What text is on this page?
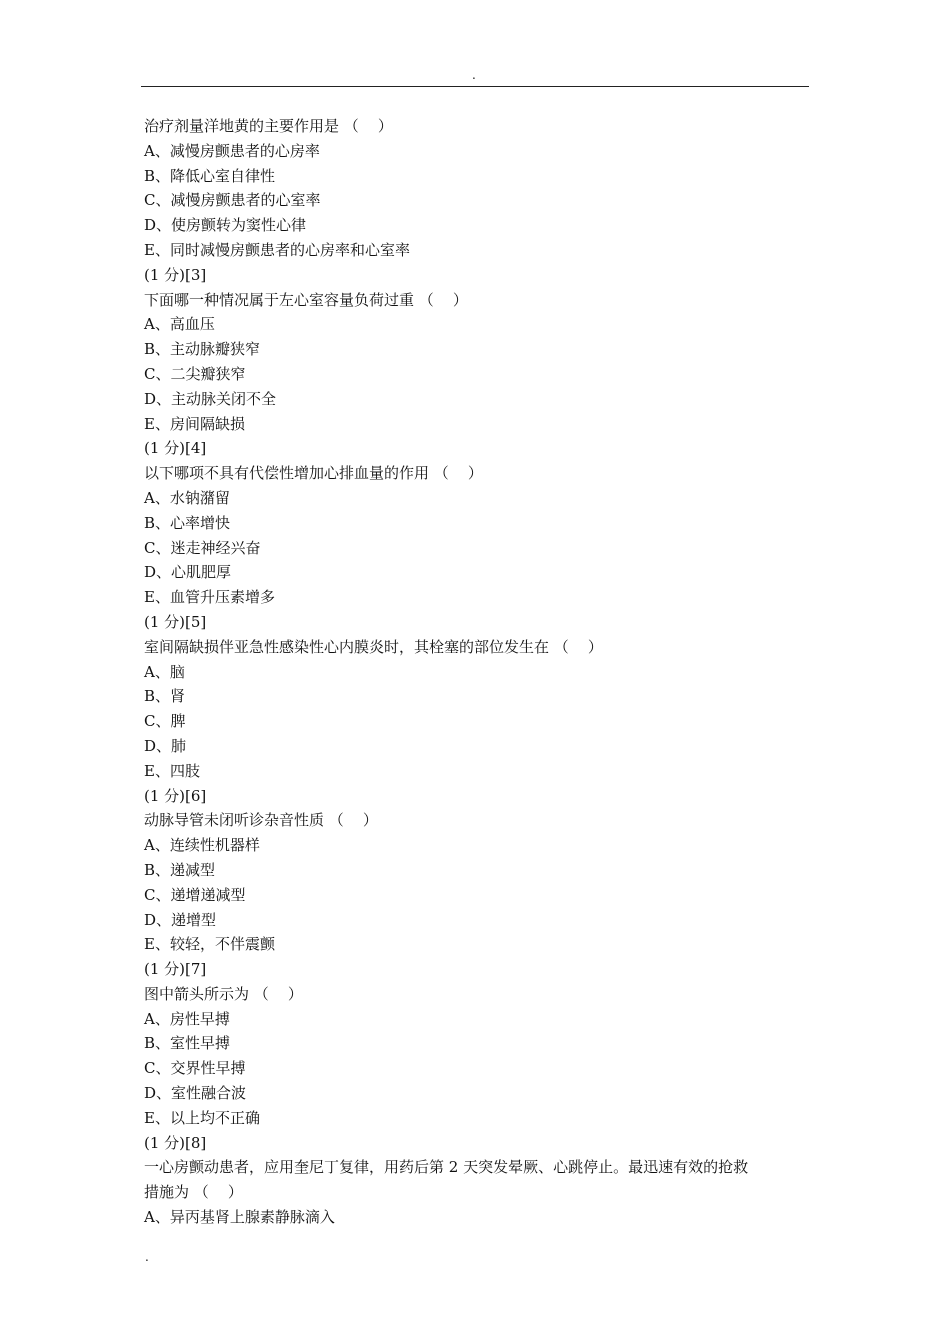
.
治疗剂量洋地黄的主要作用是 （    ）
A、减慢房颤患者的心房率
B、降低心室自律性
C、减慢房颤患者的心室率
D、使房颤转为窦性心律
E、同时减慢房颤患者的心房率和心室率
(1 分)[3]
下面哪一种情况属于左心室容量负荷过重 （    ）
A、高血压
B、主动脉瓣狭窄
C、二尖瓣狭窄
D、主动脉关闭不全
E、房间隔缺损
(1 分)[4]
以下哪项不具有代偿性增加心排血量的作用 （    ）
A、水钠潴留
B、心率增快
C、迷走神经兴奋
D、心肌肥厚
E、血管升压素增多
(1 分)[5]
室间隔缺损伴亚急性感染性心内膜炎时，其栓塞的部位发生在 （    ）
A、脑
B、肾
C、脾
D、肺
E、四肢
(1 分)[6]
动脉导管未闭听诊杂音性质 （    ）
A、连续性机器样
B、递减型
C、递增递减型
D、递增型
E、较轻，不伴震颤
(1 分)[7]
图中箭头所示为 （    ）
A、房性早搏
B、室性早搏
C、交界性早搏
D、室性融合波
E、以上均不正确
(1 分)[8]
一心房颤动患者，应用奎尼丁复律，用药后第 2 天突发晕厥、心跳停止。最迅速有效的抢救
措施为 （    ）
A、异丙基肾上腺素静脉滴入
.
